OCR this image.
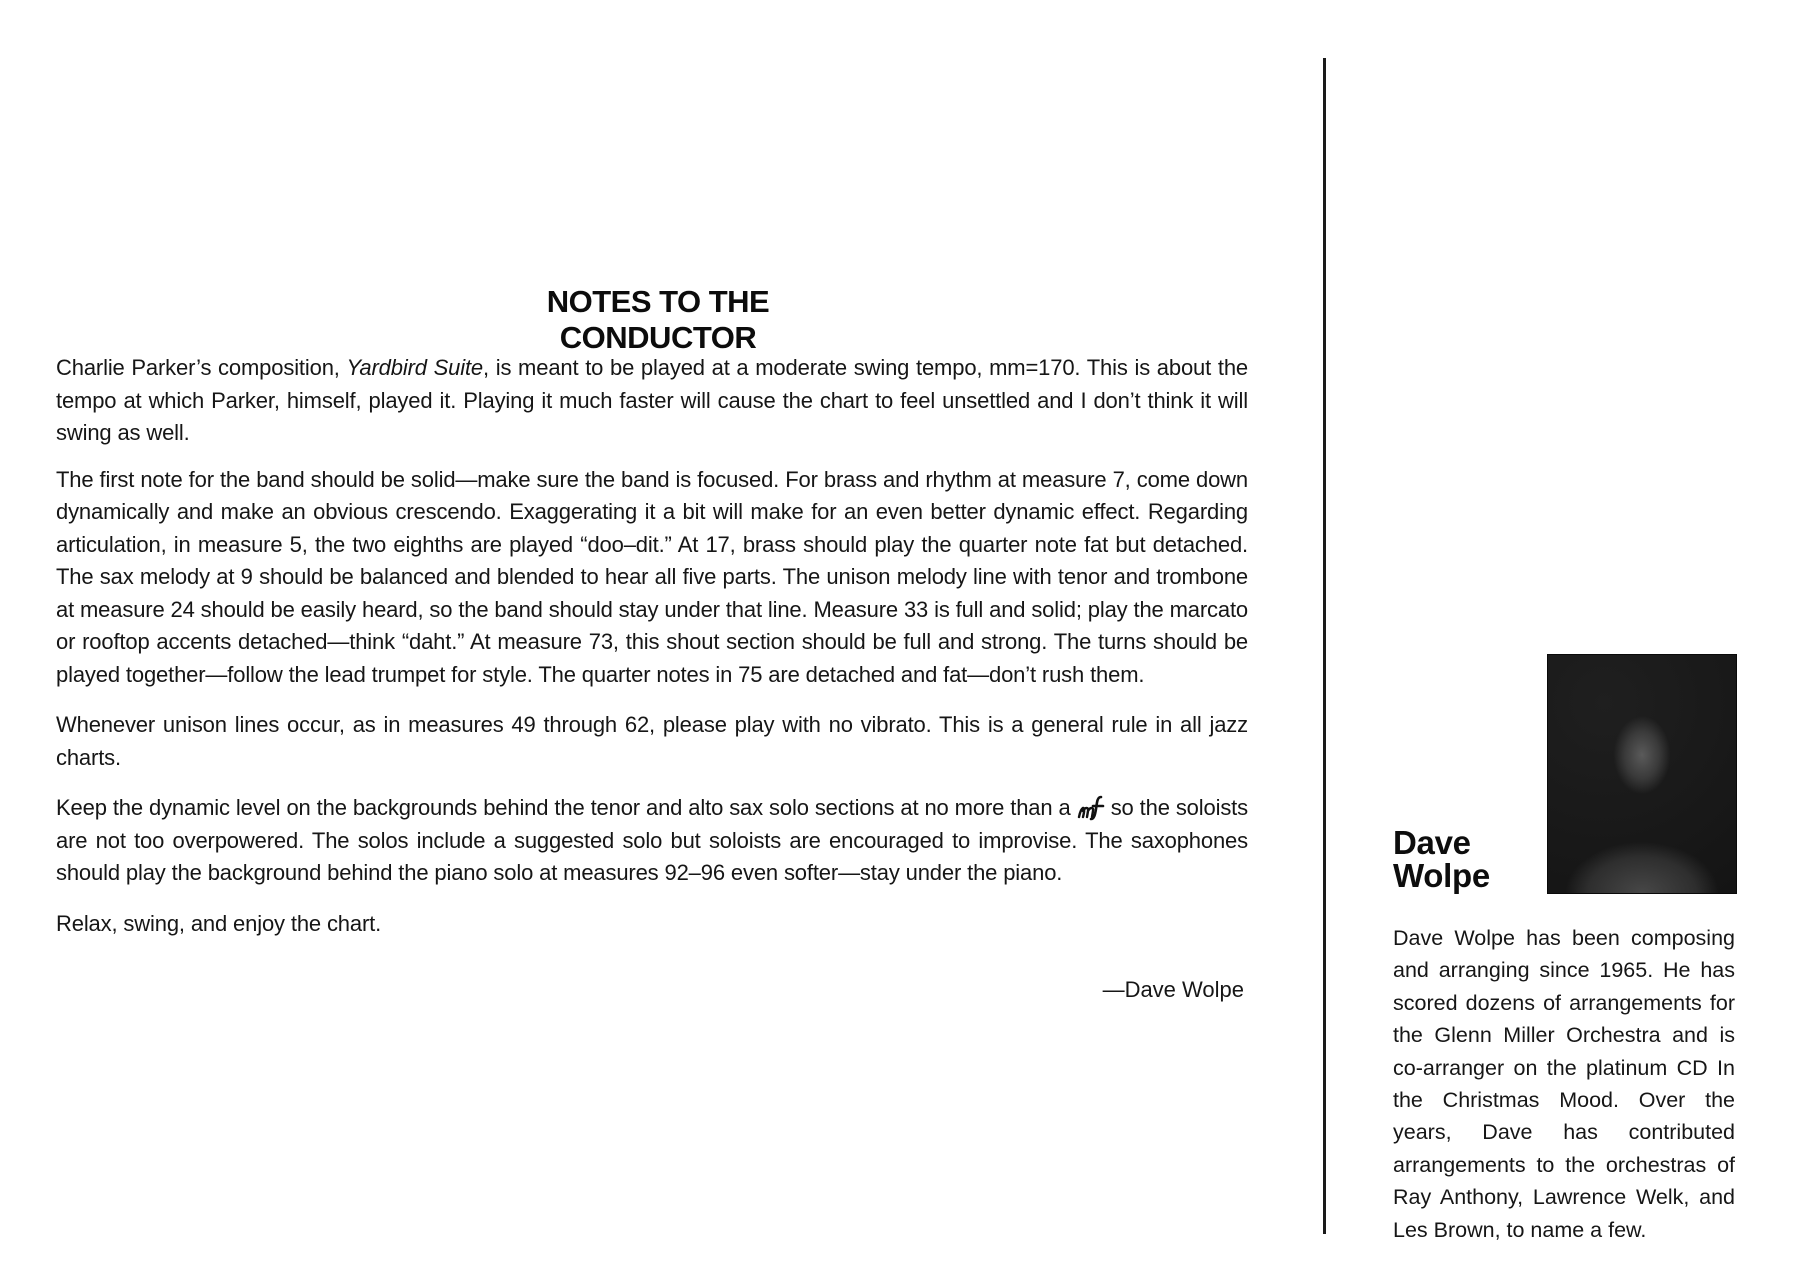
NOTES TO THE CONDUCTOR

Charlie Parker’s composition, Yardbird Suite, is meant to be played at a moderate swing tempo, mm=170. This is about the tempo at which Parker, himself, played it. Playing it much faster will cause the chart to feel unsettled and I don’t think it will swing as well.

The first note for the band should be solid—make sure the band is focused. For brass and rhythm at measure 7, come down dynamically and make an obvious crescendo. Exaggerating it a bit will make for an even better dynamic effect. Regarding articulation, in measure 5, the two eighths are played “doo–dit.” At 17, brass should play the quarter note fat but detached. The sax melody at 9 should be balanced and blended to hear all five parts. The unison melody line with tenor and trombone at measure 24 should be easily heard, so the band should stay under that line. Measure 33 is full and solid; play the marcato or rooftop accents detached—think “daht.” At measure 73, this shout section should be full and strong. The turns should be played together—follow the lead trumpet for style. The quarter notes in 75 are detached and fat—don’t rush them.

Whenever unison lines occur, as in measures 49 through 62, please play with no vibrato. This is a general rule in all jazz charts.

Keep the dynamic level on the backgrounds behind the tenor and alto sax solo sections at no more than a so the soloists are not too overpowered. The solos include a suggested solo but soloists are encouraged to improvise. The saxophones should play the background behind the piano solo at measures 92–96 even softer—stay under the piano.

Relax, swing, and enjoy the chart.

—Dave Wolpe
Dave
Wolpe

Dave Wolpe has been composing and arranging since 1965. He has scored dozens of arrangements for the Glenn Miller Orchestra and is co-arranger on the platinum CD In the Christmas Mood. Over the years, Dave has contributed arrangements to the orchestras of Ray Anthony, Lawrence Welk, and Les Brown, to name a few.
